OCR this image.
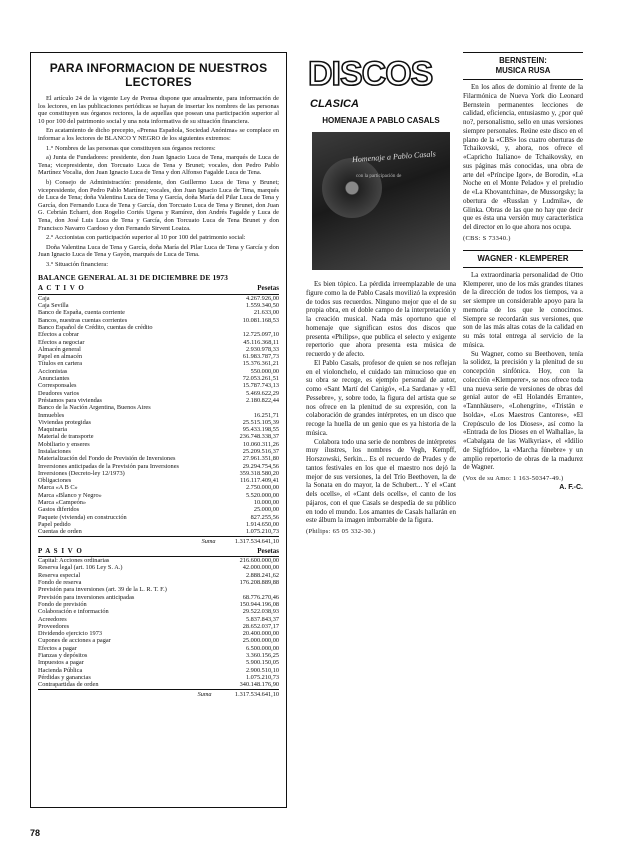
PARA INFORMACION DE NUESTROS LECTORES

El artículo 24 de la vigente Ley de Prensa dispone que anualmente, para información de los lectores, en las publicaciones periódicas se hayan de insertar los nombres de las personas que constituyen sus órganos rectores, la de aquellas que posean una participación superior al 10 por 100 del patrimonio social y una nota informativa de su situación financiera.

En acatamiento de dicho precepto, «Prensa Española, Sociedad Anónima» se complace en informar a los lectores de BLANCO Y NEGRO de los siguientes extremos:

1.° Nombres de las personas que constituyen sus órganos rectores:

a) Junta de Fundadores: presidente, don Juan Ignacio Luca de Tena, marqués de Luca de Tena; vicepresidente, don Torcuato Luca de Tena y Brunet; vocales, don Pedro Pablo Martínez Vocalia, don Juan Ignacio Luca de Tena y don Alfonso Fagalde Luca de Tena.

b) Consejo de Administración: presidente, don Guillermo Luca de Tena y Brunet; vicepresidente, don Pedro Pablo Martínez; vocales, don Juan Ignacio Luca de Tena, marqués de Luca de Tena; doña Valentina Luca de Tena y García, doña María del Pilar Luca de Tena y García, don Fernando Luca de Tena y García, don Torcuato Luca de Tena y Brunet, don Juan G. Cebrián Echarri, don Rogelio Cortés Ugena y Ramírez, don Andrés Fagalde y Luca de Tena, don José Luis Luca de Tena y García, don Torcuato Luca de Tena Brunet y don Francisco Navarro Cardoso y don Fernando Sirvent Loaiza.

2.° Accionistas con participación superior al 10 por 100 del patrimonio social:

Doña Valentina Luca de Tena y García, doña María del Pilar Luca de Tena y García y don Juan Ignacio Luca de Tena y Gayón, marqués de Luca de Tena.

3.° Situación financiera:

BALANCE GENERAL AL 31 DE DICIEMBRE DE 1973
A C T I V O	Pesetas
Caja	4.267.926,00
Caja Sevilla	1.559.340,50
Banco de España, cuenta corriente	21.633,00
Bancos, nuestras cuentas corrientes	10.081.168,53
Banco Español de Crédito, cuentas de crédito	
Efectos a cobrar	12.725.097,10
Efectos a negociar	45.116.368,11
Almacén general	2.930.978,33
Papel en almacén	61.983.787,73
Títulos en cartera	15.376.361,21
Accionistas	550.000,00
Anunciantes	72.053.261,51
Corresponsales	15.787.743,13
Deudores varios	5.469.622,29
Préstamos para viviendas	2.180.822,44
Banco de la Nación Argentina, Buenos Aires	
Inmuebles	16.251,71
Viviendas protegidas	25.515.105,39
Maquinaria	95.433.198,55
Material de transporte	236.748.338,37
Mobiliario y enseres	10.060.311,26
Instalaciones	25.209.516,37
Materialización del Fondo de Previsión de Inversiones	27.961.351,80
Inversiones anticipadas de la Previsión para Inversiones	29.294.754,56
Inversiones (Decreto-ley 12/1973)	359.318.580,20
Obligaciones	116.117.409,41
Marca «A B C»	2.750.000,00
Marca «Blanco y Negro»	5.520.000,00
Marca «Campeón»	10.000,00
Gastos diferidos	25.000,00
Paquete (vivienda) en construcción	827.255,56
Papel pedido	1.914.650,00
Cuentas de orden	1.075.210,73
Suma	1.317.534.641,10
P A S I V O	Pesetas
Capital: Acciones ordinarias	216.600.000,00
Reserva legal (art. 106 Ley S. A.)	42.000.000,00
Reserva especial	2.888.241,62
Fondo de reserva	176.208.889,88
Previsión para inversiones (art. 39 de la L. R. T. F.)	
Previsión para inversiones anticipadas	68.776.270,46
Fondo de previsión	150.944.196,08
Colaboración e información	29.522.038,93
Acreedores	5.837.843,37
Proveedores	28.652.037,17
Dividendo ejercicio 1973	20.400.000,00
Cupones de acciones a pagar	25.000.000,00
Efectos a pagar	6.500.000,00
Fianzas y depósitos	3.360.156,25
Impuestos a pagar	5.900.150,05
Hacienda Pública	2.900.510,10
Pérdidas y ganancias	1.075.210,73
Contrapartidas de orden	340.148.176,90
Suma	1.317.534.641,10
DISCOS
CLASICA
HOMENAJE A PABLO CASALS
Homenaje a Pablo Casals
con la participación de

Es bien tópico. La pérdida irreemplazable de una figure como la de Pablo Casals movilizó la expresión de todos sus recuerdos. Ninguno mejor que el de su propia obra, en el doble campo de la interpretación y la creación musical. Nada más oportuno que el homenaje que significan estos dos discos que presenta «Philips», que publica el selecto y exigente repertorio que ahora presenta esta música de recuerdo y de afecto.

El Pablo Casals, profesor de quien se nos reflejan en el violonchelo, el cuidado tan minucioso que en su obra se recoge, es ejemplo personal de autor, como «Sant Martí del Canigó», «La Sardana» y «El Pessebre», y, sobre todo, la figura del artista que se nos ofrece en la plenitud de su expresión, con la colaboración de grandes intérpretes, en un disco que recoge la huella de un genio que es ya historia de la música.

Colabora todo una serie de nombres de intérpretes muy ilustres, los nombres de Vegh, Kempff, Horszowski, Serkin... Es el recuerdo de Prades y de tantos festivales en los que el maestro nos dejó la mejor de sus versiones, la del Trío Beethoven, la de la Sonata en do mayor, la de Schubert... Y el «Cant dels ocells», el «Cant dels ocells», el canto de los pájaros, con el que Casals se despedía de su público en todo el mundo. Los amantes de Casals hallarán en este álbum la imagen imborrable de la figura.

(Philips: 65 05 332-30.)
BERNSTEIN:
MUSICA RUSA

En los años de dominio al frente de la Filarmónica de Nueva York dio Leonard Bernstein permanentes lecciones de calidad, eficiencia, entusiasmo y, ¿por qué no?, personalismo, sello en unas versiones siempre personales. Reúne este disco en el plano de la «CBS» los cuatro oberturas de Tchaikovski, y, ahora, nos ofrece el «Capricho Italiano» de Tchaikovsky, en sus páginas más conocidas, una obra de arte del «Príncipe Igor», de Borodin, «La Noche en el Monte Pelado» y el preludio de «La Khovantchina», de Mussorgsky; la obertura de «Russlan y Ludmila», de Glinka. Obras de las que no hay que decir que es ésta una versión muy característica del director en lo que ahora nos ocupa.

(CBS: S 73340.)
WAGNER · KLEMPERER

La extraordinaria personalidad de Otto Klemperer, uno de los más grandes titanes de la dirección de todos los tiempos, va a ser siempre un considerable apoyo para la memoria de los que le conocimos. Siempre se recordarán sus versiones, que son de las más altas cotas de la calidad en su más total entrega al servicio de la música.

Su Wagner, como su Beethoven, tenía la solidez, la precisión y la plenitud de su concepción sinfónica. Hoy, con la colección «Klemperer», se nos ofrece toda una nueva serie de versiones de obras del genial autor de «El Holandés Errante», «Tannhäuser», «Lohengrin», «Tristán e Isolda», «Los Maestros Cantores», «El Crepúsculo de los Dioses», así como la «Entrada de los Dioses en el Walhalla», la «Cabalgata de las Walkyrias», el «Idilio de Sigfrido», la «Marcha fúnebre» y un amplio repertorio de obras de la madurez de Wagner.

(Vox de su Amo: 1 163-50347-49.)
A. F.-C.
78
